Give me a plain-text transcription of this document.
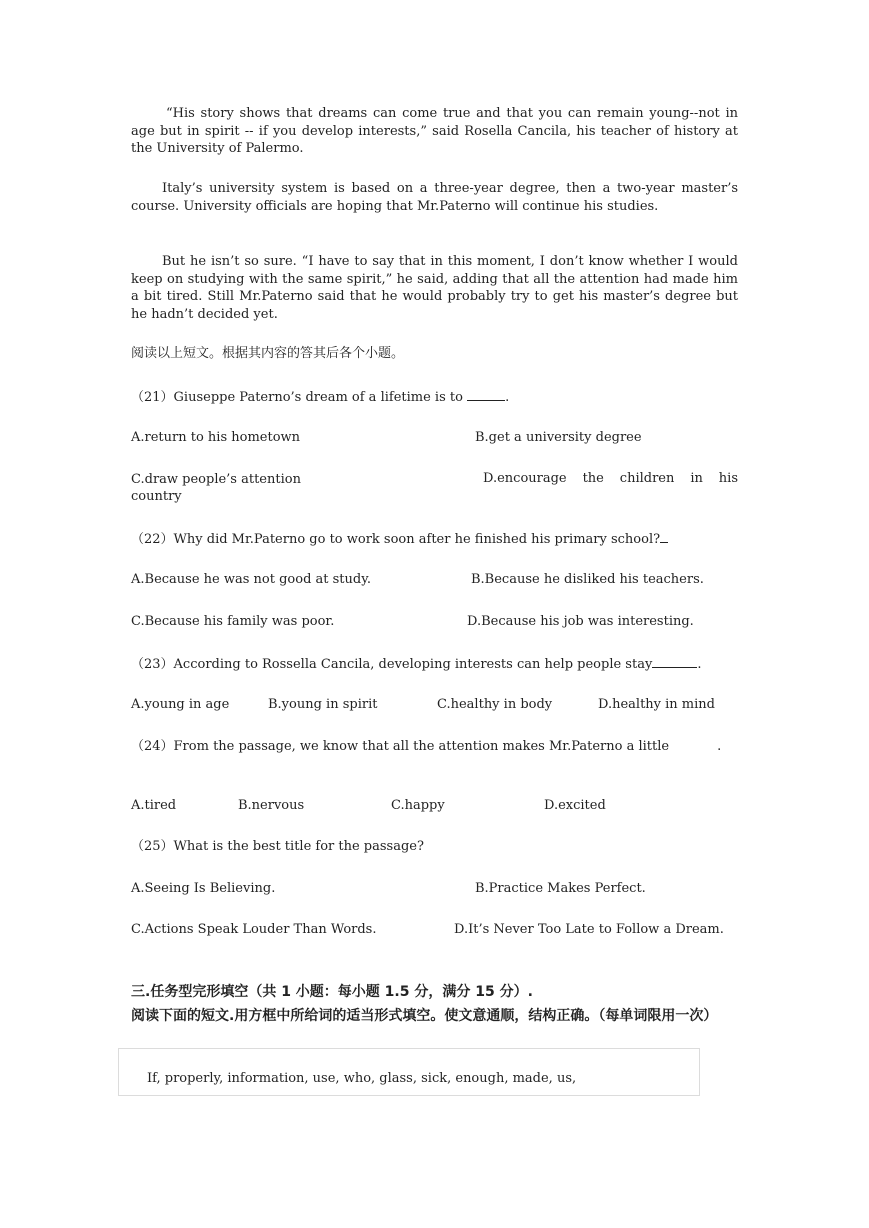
“His story shows that dreams can come true and that you can remain young--not in age but in spirit -- if you develop interests,” said Rosella Cancila, his teacher of history at the University of Palermo.

Italy’s university system is based on a three-year degree, then a two-year master’s course. University officials are hoping that Mr.Paterno will continue his studies.

But he isn’t so sure. “I have to say that in this moment, I don’t know whether I would keep on studying with the same spirit,” he said, adding that all the attention had made him a bit tired. Still Mr.Paterno said that he would probably try to get his master’s degree but he hadn’t decided yet.

阅读以上短文。根据其内容的答其后各个小题。

（21）Giuseppe Paterno’s dream of a lifetime is to	.

A.return to his hometown	B.get a university degree
C.draw people’s attention	D.encourage the children in his country

（22）Why did Mr.Paterno go to work soon after he finished his primary school?

A.Because he was not good at study.	B.Because he disliked his teachers.
C.Because his family was poor.	D.Because his job was interesting.

（23）According to Rossella Cancila, developing interests can help people stay	.

A.young in age	B.young in spirit	C.healthy in body	D.healthy in mind

（24）From the passage, we know that all the attention makes Mr.Paterno a little	.

A.tired	B.nervous	C.happy	D.excited

（25）What is the best title for the passage?

A.Seeing Is Believing.	B.Practice Makes Perfect.
C.Actions Speak Louder Than Words.	D.It’s Never Too Late to Follow a Dream.

三.任务型完形填空（共 1 小题：每小题 1.5 分，满分 15 分）.

阅读下面的短文.用方框中所给词的适当形式填空。使文意通顺，结构正确。（每单词限用一次）

If, properly, information, use, who, glass, sick, enough, made, us,
